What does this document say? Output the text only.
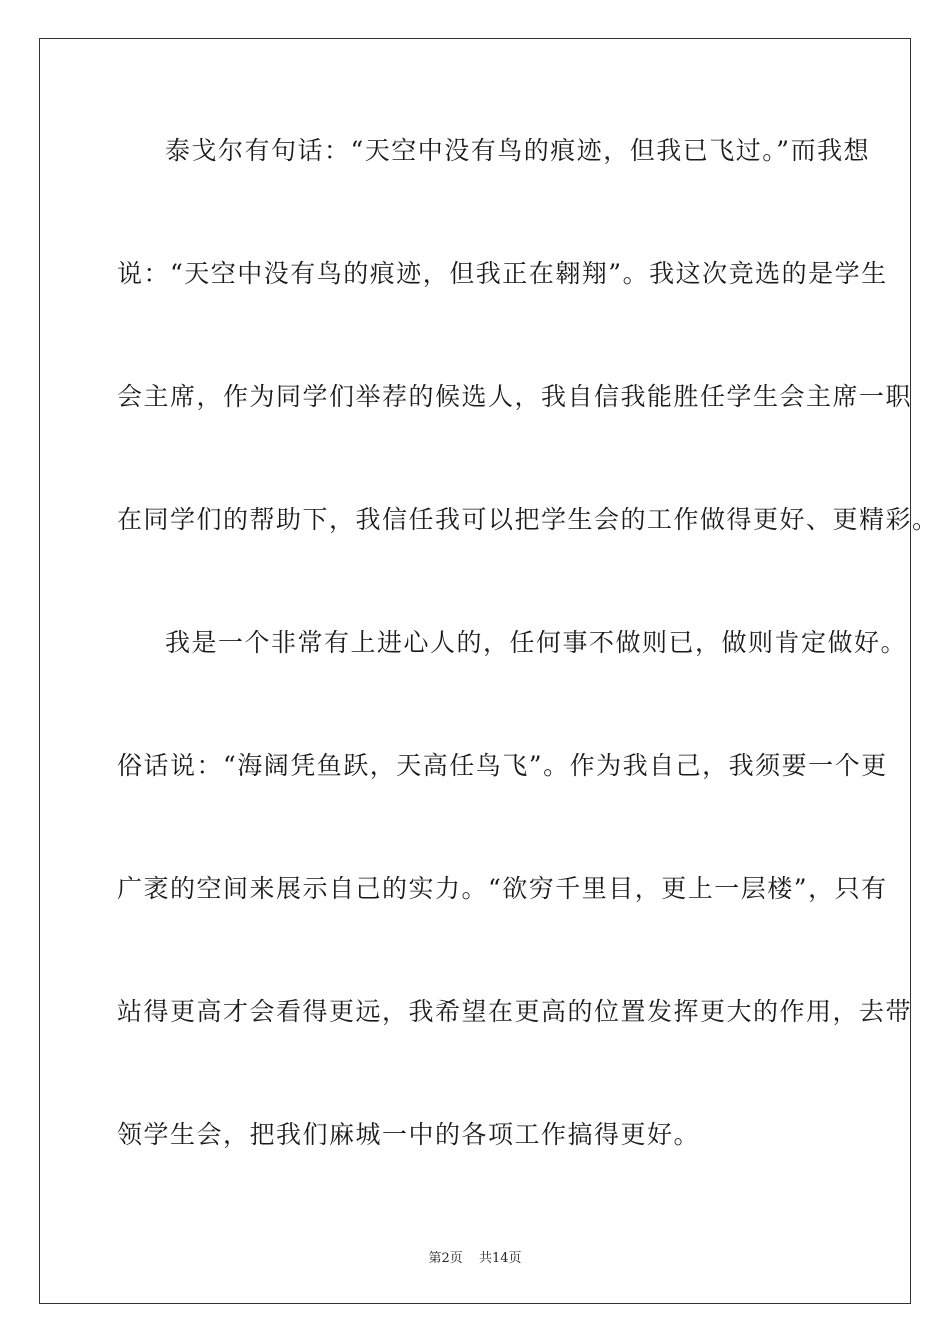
泰戈尔有句话：“天空中没有鸟的痕迹，但我已飞过。”而我想
说：“天空中没有鸟的痕迹，但我正在翱翔”。我这次竞选的是学生
会主席，作为同学们举荐的候选人，我自信我能胜任学生会主席一职
在同学们的帮助下，我信任我可以把学生会的工作做得更好、更精彩。
我是一个非常有上进心人的，任何事不做则已，做则肯定做好。
俗话说：“海阔凭鱼跃，天高任鸟飞”。作为我自己，我须要一个更
广袤的空间来展示自己的实力。“欲穷千里目，更上一层楼”，只有
站得更高才会看得更远，我希望在更高的位置发挥更大的作用，去带
领学生会，把我们麻城一中的各项工作搞得更好。
第2页 共14页
